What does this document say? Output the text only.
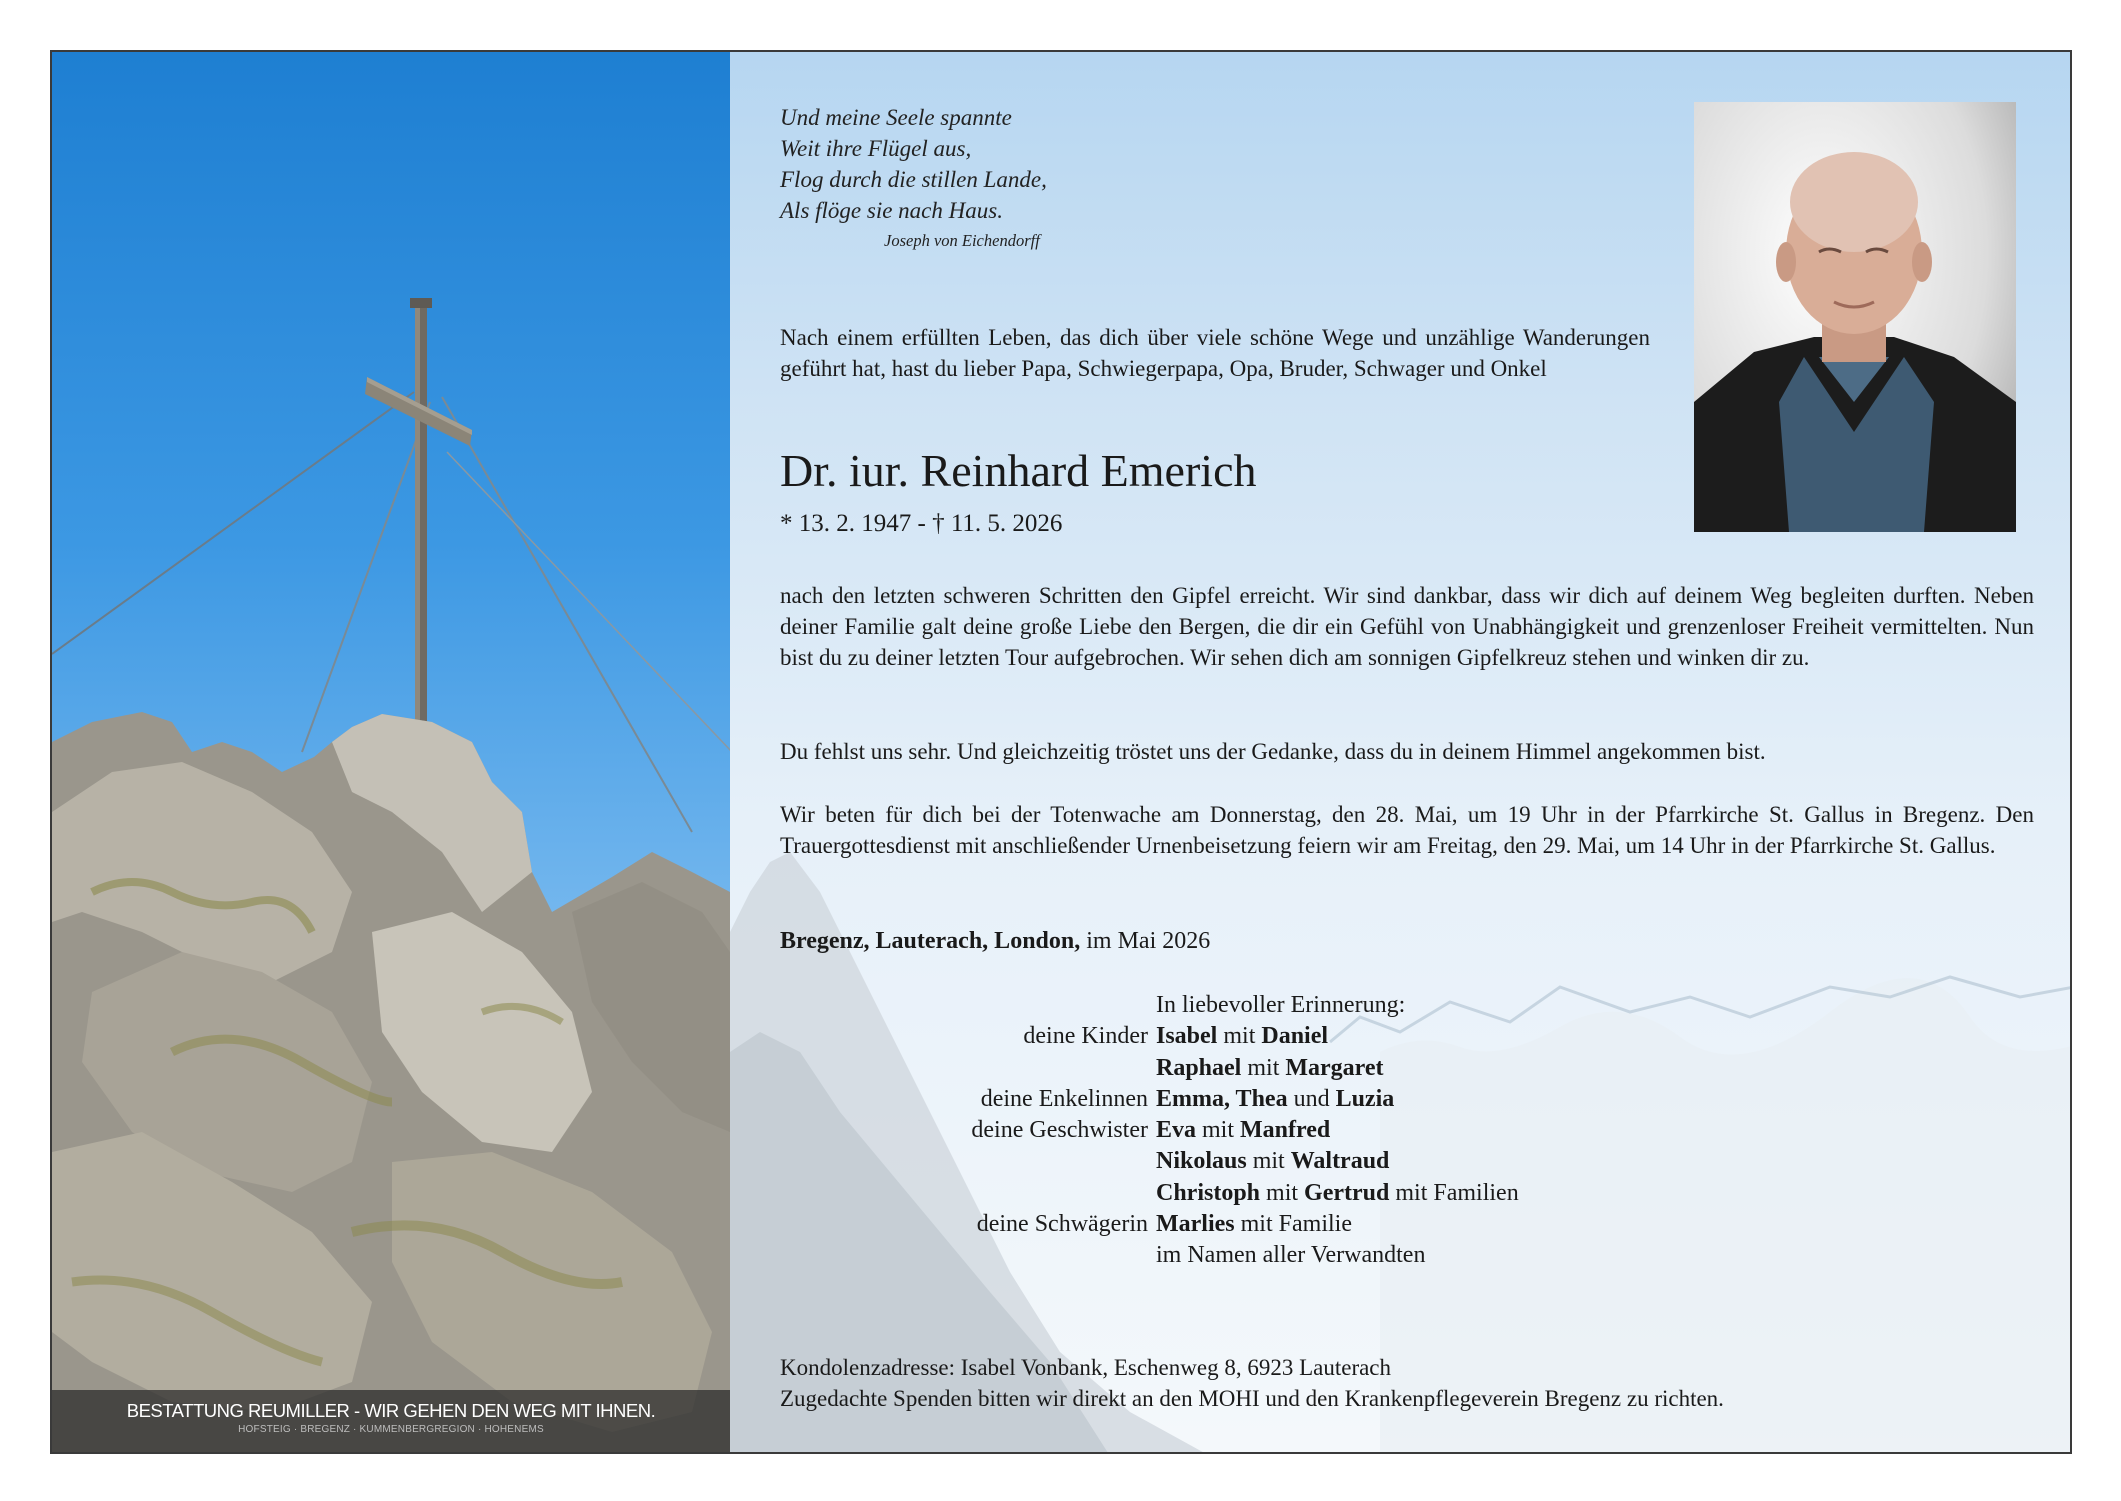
BESTATTUNG REUMILLER - WIR GEHEN DEN WEG MIT IHNEN.
HOFSTEIG · BREGENZ · KUMMENBERGREGION · HOHENEMS
Und meine Seele spannte
Weit ihre Flügel aus,
Flog durch die stillen Lande,
Als flöge sie nach Haus.
Joseph von Eichendorff
Nach einem erfüllten Leben, das dich über viele schöne Wege und unzählige Wanderungen geführt hat, hast du lieber Papa, Schwiegerpapa, Opa, Bruder, Schwager und Onkel
Dr. iur. Reinhard Emerich
* 13. 2. 1947 - † 11. 5. 2026
nach den letzten schweren Schritten den Gipfel erreicht. Wir sind dankbar, dass wir dich auf deinem Weg begleiten durften. Neben deiner Familie galt deine große Liebe den Bergen, die dir ein Gefühl von Unabhängigkeit und grenzenloser Freiheit vermittelten. Nun bist du zu deiner letzten Tour aufgebrochen. Wir sehen dich am sonnigen Gipfelkreuz stehen und winken dir zu.
Du fehlst uns sehr. Und gleichzeitig tröstet uns der Gedanke, dass du in deinem Himmel angekommen bist.
Wir beten für dich bei der Totenwache am Donnerstag, den 28. Mai, um 19 Uhr in der Pfarrkirche St. Gallus in Bregenz. Den Trauergottesdienst mit anschließender Urnenbeisetzung feiern wir am Freitag, den 29. Mai, um 14 Uhr in der Pfarrkirche St. Gallus.
Bregenz, Lauterach, London, im Mai 2026
In liebevoller Erinnerung:
deine Kinder Isabel mit Daniel
Raphael mit Margaret
deine Enkelinnen Emma, Thea und Luzia
deine Geschwister Eva mit Manfred
Nikolaus mit Waltraud
Christoph mit Gertrud mit Familien
deine Schwägerin Marlies mit Familie
im Namen aller Verwandten
Kondolenzadresse: Isabel Vonbank, Eschenweg 8, 6923 Lauterach
Zugedachte Spenden bitten wir direkt an den MOHI und den Krankenpflegeverein Bregenz zu richten.
